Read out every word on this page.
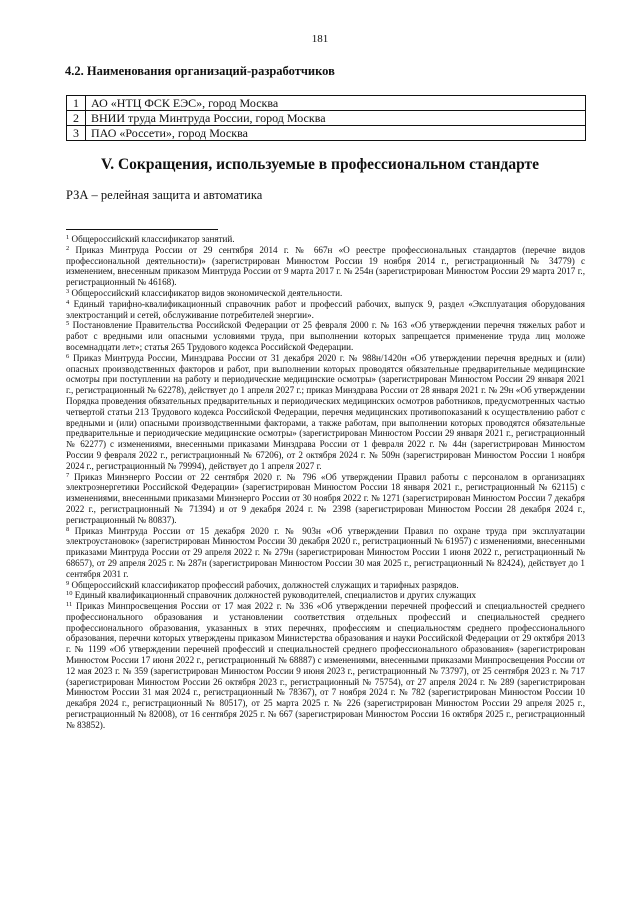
181
4.2. Наименования организаций-разработчиков
1	АО «НТЦ ФСК ЕЭС», город Москва
2	ВНИИ труда Минтруда России, город Москва
3	ПАО «Россети», город Москва
V. Сокращения, используемые в профессиональном стандарте
РЗА – релейная защита и автоматика

$^1$ Общероссийский классификатор занятий.

$^2$ Приказ Минтруда России от 29 сентября 2014 г. № 667н «О реестре профессиональных стандартов (перечне видов профессиональной деятельности)» (зарегистрирован Минюстом России 19 ноября 2014 г., регистрационный № 34779) с изменением, внесенным приказом Минтруда России от 9 марта 2017 г. № 254н (зарегистрирован Минюстом России 29 марта 2017 г., регистрационный № 46168).

$^3$ Общероссийский классификатор видов экономической деятельности.

$^4$ Единый тарифно-квалификационный справочник работ и профессий рабочих, выпуск 9, раздел «Эксплуатация оборудования электростанций и сетей, обслуживание потребителей энергии».

$^5$ Постановление Правительства Российской Федерации от 25 февраля 2000 г. № 163 «Об утверждении перечня тяжелых работ и работ с вредными или опасными условиями труда, при выполнении которых запрещается применение труда лиц моложе восемнадцати лет»; статья 265 Трудового кодекса Российской Федерации.

$^6$ Приказ Минтруда России, Минздрава России от 31 декабря 2020 г. № 988н/1420н «Об утверждении перечня вредных и (или) опасных производственных факторов и работ, при выполнении которых проводятся обязательные предварительные медицинские осмотры при поступлении на работу и периодические медицинские осмотры» (зарегистрирован Минюстом России 29 января 2021 г., регистрационный № 62278), действует до 1 апреля 2027 г.; приказ Минздрава России от 28 января 2021 г. № 29н «Об утверждении Порядка проведения обязательных предварительных и периодических медицинских осмотров работников, предусмотренных частью четвертой статьи 213 Трудового кодекса Российской Федерации, перечня медицинских противопоказаний к осуществлению работ с вредными и (или) опасными производственными факторами, а также работам, при выполнении которых проводятся обязательные предварительные и периодические медицинские осмотры» (зарегистрирован Минюстом России 29 января 2021 г., регистрационный № 62277) с изменениями, внесенными приказами Минздрава России от 1 февраля 2022 г. № 44н (зарегистрирован Минюстом России 9 февраля 2022 г., регистрационный № 67206), от 2 октября 2024 г. № 509н (зарегистрирован Минюстом России 1 ноября 2024 г., регистрационный № 79994), действует до 1 апреля 2027 г.

$^7$ Приказ Минэнерго России от 22 сентября 2020 г. № 796 «Об утверждении Правил работы с персоналом в организациях электроэнергетики Российской Федерации» (зарегистрирован Минюстом России 18 января 2021 г., регистрационный № 62115) с изменениями, внесенными приказами Минэнерго России от 30 ноября 2022 г. № 1271 (зарегистрирован Минюстом России 7 декабря 2022 г., регистрационный № 71394) и от 9 декабря 2024 г. № 2398 (зарегистрирован Минюстом России 28 декабря 2024 г., регистрационный № 80837).

$^8$ Приказ Минтруда России от 15 декабря 2020 г. № 903н «Об утверждении Правил по охране труда при эксплуатации электроустановок» (зарегистрирован Минюстом России 30 декабря 2020 г., регистрационный № 61957) с изменениями, внесенными приказами Минтруда России от 29 апреля 2022 г. № 279н (зарегистрирован Минюстом России 1 июня 2022 г., регистрационный № 68657), от 29 апреля 2025 г. № 287н (зарегистрирован Минюстом России 30 мая 2025 г., регистрационный № 82424), действует до 1 сентября 2031 г.

$^9$ Общероссийский классификатор профессий рабочих, должностей служащих и тарифных разрядов.

$^{10}$ Единый квалификационный справочник должностей руководителей, специалистов и других служащих

$^{11}$ Приказ Минпросвещения России от 17 мая 2022 г. № 336 «Об утверждении перечней профессий и специальностей среднего профессионального образования и установлении соответствия отдельных профессий и специальностей среднего профессионального образования, указанных в этих перечнях, профессиям и специальностям среднего профессионального образования, перечни которых утверждены приказом Министерства образования и науки Российской Федерации от 29 октября 2013 г. № 1199 «Об утверждении перечней профессий и специальностей среднего профессионального образования» (зарегистрирован Минюстом России 17 июня 2022 г., регистрационный № 68887) с изменениями, внесенными приказами Минпросвещения России от 12 мая 2023 г. № 359 (зарегистрирован Минюстом России 9 июня 2023 г., регистрационный № 73797), от 25 сентября 2023 г. № 717 (зарегистрирован Минюстом России 26 октября 2023 г., регистрационный № 75754), от 27 апреля 2024 г. № 289 (зарегистрирован Минюстом России 31 мая 2024 г., регистрационный № 78367), от 7 ноября 2024 г. № 782 (зарегистрирован Минюстом России 10 декабря 2024 г., регистрационный № 80517), от 25 марта 2025 г. № 226 (зарегистрирован Минюстом России 29 апреля 2025 г., регистрационный № 82008), от 16 сентября 2025 г. № 667 (зарегистрирован Минюстом России 16 октября 2025 г., регистрационный № 83852).
